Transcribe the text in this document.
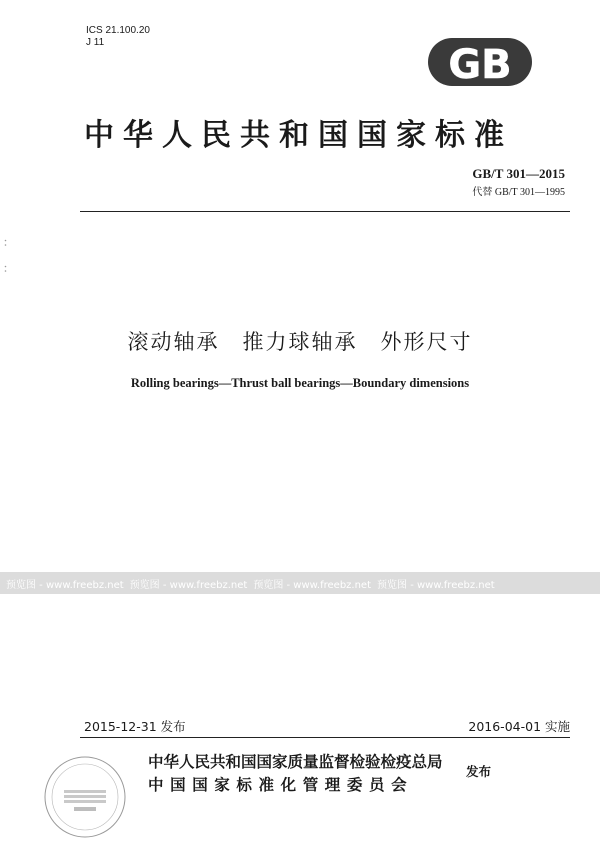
ICS 21.100.20
J 11	GB
中华人民共和国国家标准
GB/T 301—2015
代替 GB/T 301—1995
滚动轴承　推力球轴承　外形尺寸
Rolling bearings—Thrust ball bearings—Boundary dimensions
预览图 - www.freebz.net 预览图 - www.freebz.net 预览图 - www.freebz.net 预览图 - www.freebz.net
2015-12-31 发布	2016-04-01 实施
中华人民共和国国家质量监督检验检疫总局
中国国家标准化管理委员会
发布
